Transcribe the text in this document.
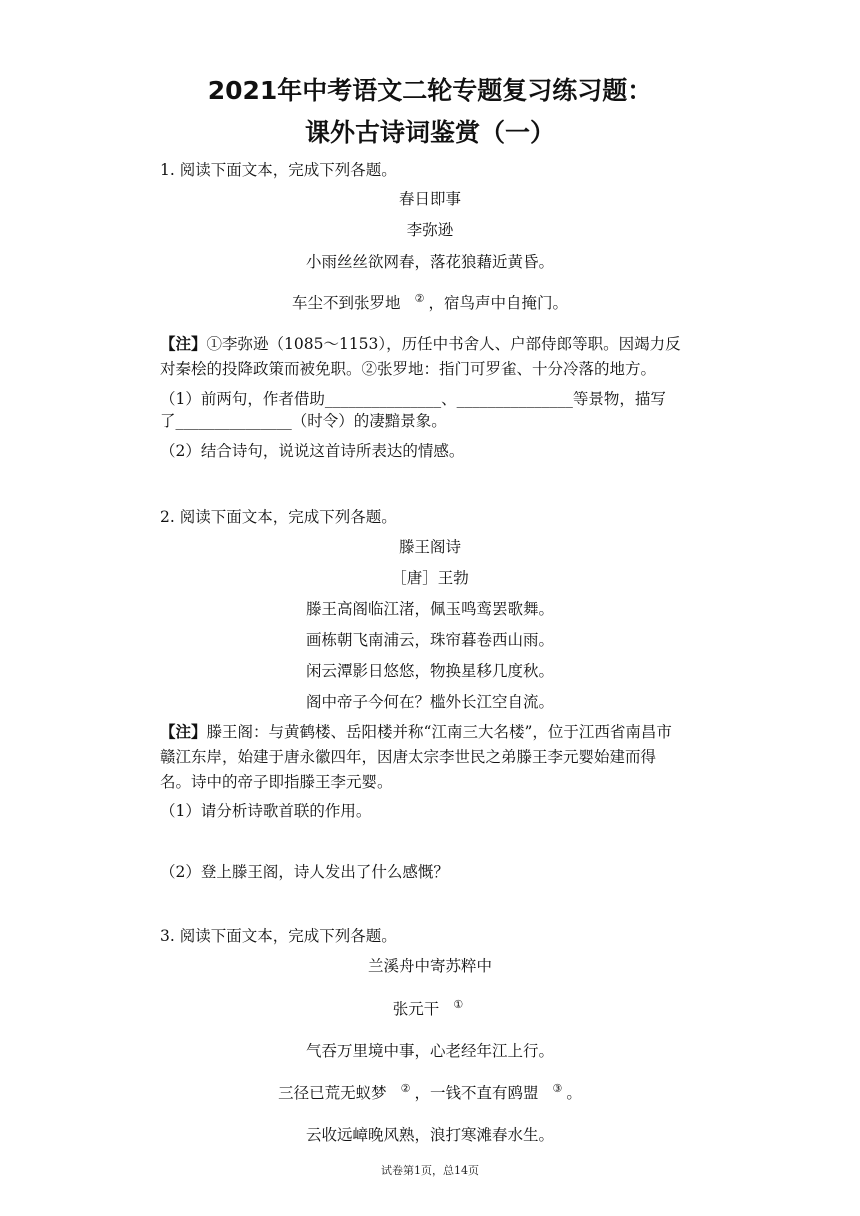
2021年中考语文二轮专题复习练习题：
课外古诗词鉴赏（一）
1. 阅读下面文本，完成下列各题。
春日即事
李弥逊
小雨丝丝欲网春，落花狼藉近黄昏。
车尘不到张罗地 ② ，宿鸟声中自掩门。
【注】①李弥逊（1085～1153），历任中书舍人、户部侍郎等职。因竭力反
对秦桧的投降政策而被免职。②张罗地：指门可罗雀、十分冷落的地方。
（1）前两句，作者借助_______________、_______________等景物，描写
了_______________（时令）的凄黯景象。
（2）结合诗句，说说这首诗所表达的情感。
2. 阅读下面文本，完成下列各题。
滕王阁诗
［唐］王勃
滕王高阁临江渚，佩玉鸣鸾罢歌舞。
画栋朝飞南浦云，珠帘暮卷西山雨。
闲云潭影日悠悠，物换星移几度秋。
阁中帝子今何在？槛外长江空自流。
【注】滕王阁：与黄鹤楼、岳阳楼并称“江南三大名楼”，位于江西省南昌市
赣江东岸，始建于唐永徽四年，因唐太宗李世民之弟滕王李元婴始建而得
名。诗中的帝子即指滕王李元婴。
（1）请分析诗歌首联的作用。
（2）登上滕王阁，诗人发出了什么感慨？
3. 阅读下面文本，完成下列各题。
兰溪舟中寄苏粹中
张元干 ①
气吞万里境中事，心老经年江上行。
三径已荒无蚁梦 ② ，一钱不直有鸥盟 ③ 。
云收远嶂晚风熟，浪打寒滩春水生。
试卷第1页，总14页
